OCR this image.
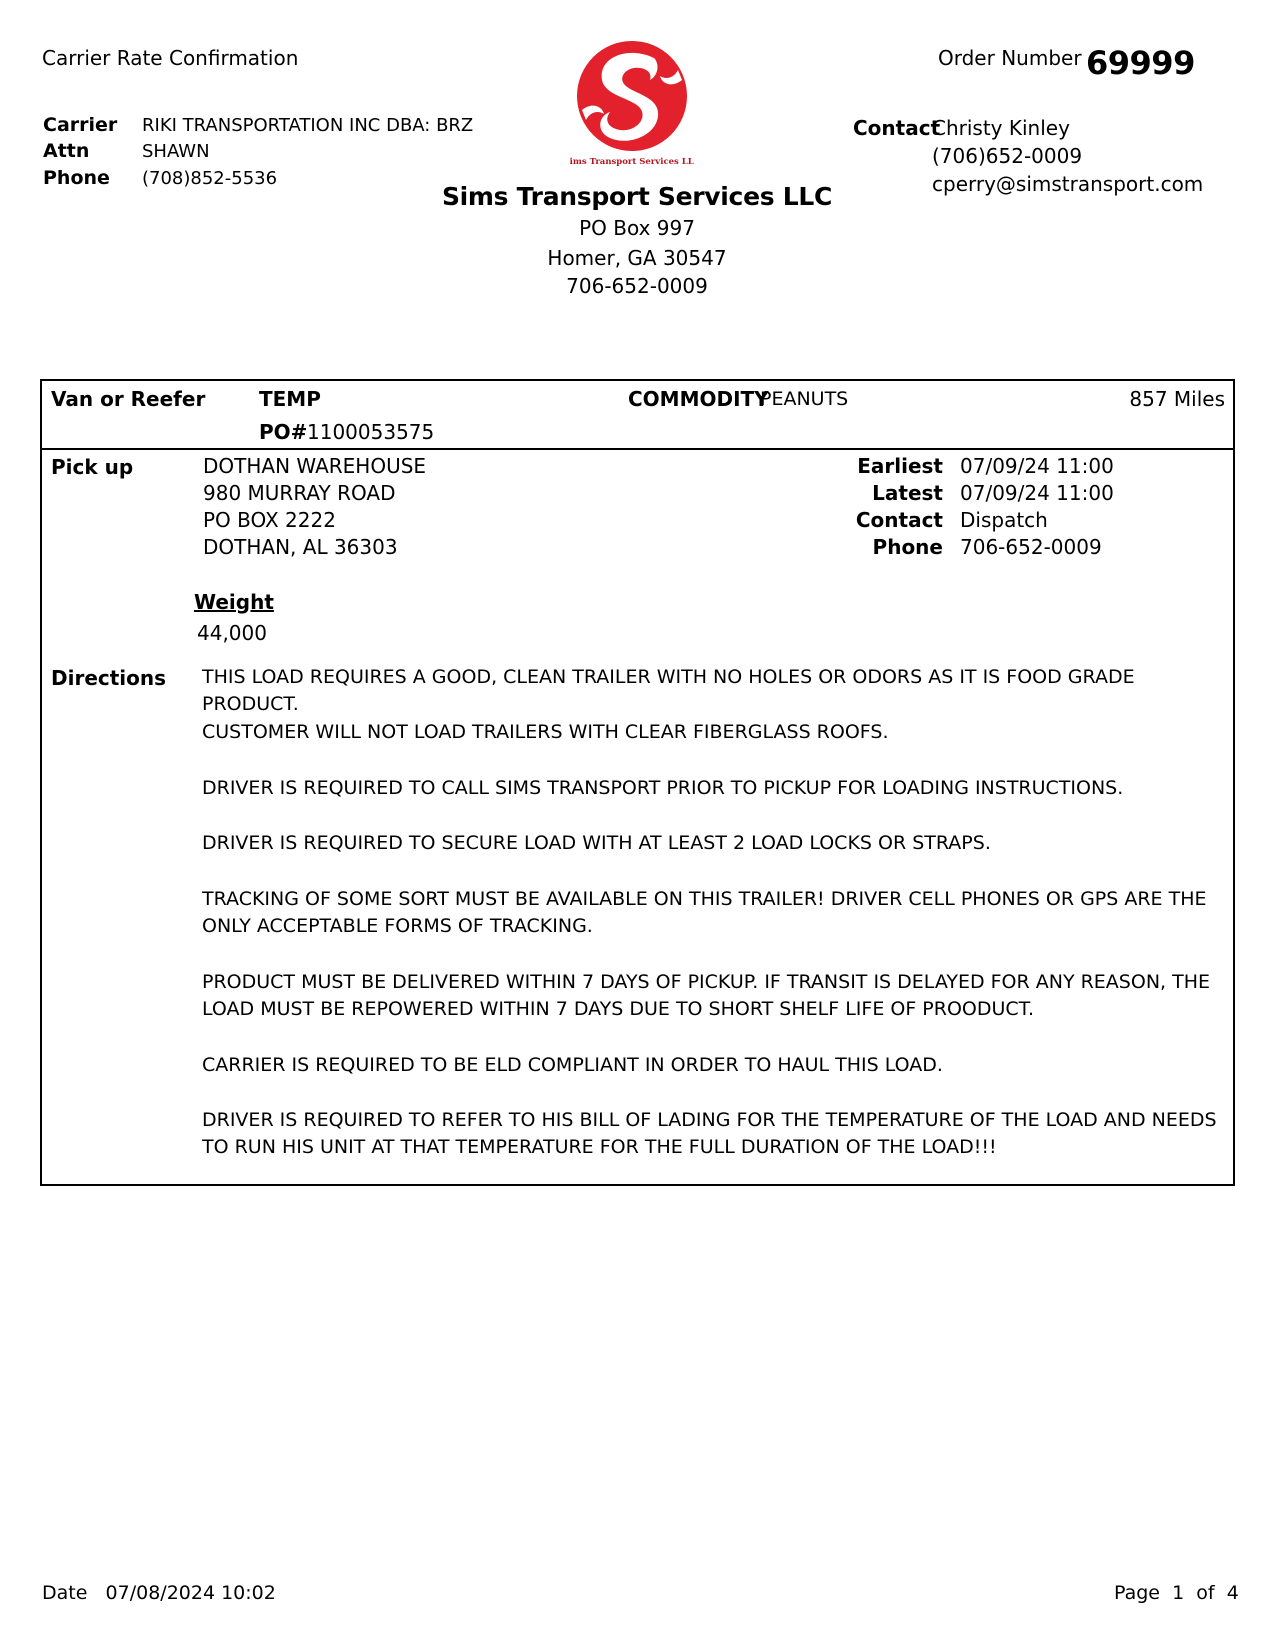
Carrier Rate Confirmation	Order Number 69999
Carrier RIKI TRANSPORTATION INC DBA: BRZ
Attn	SHAWN
Phone (708)852-5536
Sims Transport Services LLC
Sims Transport Services LLC
PO Box 997
Homer, GA 30547
706-652-0009
Contact
Christy Kinley
(706)652-0009
cperry@simstransport.com
Van or Reefer	TEMP	COMMODITY
PEANUTS	857 Miles
PO# 1100053575
Pick up	DOTHAN WAREHOUSE
980 MURRAY ROAD
PO BOX 2222
DOTHAN, AL 36303
Earliest 07/09/24 11:00
Latest 07/09/24 11:00
Contact Dispatch
Phone 706-652-0009
Weight
44,000
Directions THIS LOAD REQUIRES A GOOD, CLEAN TRAILER WITH NO HOLES OR ODORS AS IT IS FOOD GRADE PRODUCT.
CUSTOMER WILL NOT LOAD TRAILERS WITH CLEAR FIBERGLASS ROOFS.
DRIVER IS REQUIRED TO CALL SIMS TRANSPORT PRIOR TO PICKUP FOR LOADING INSTRUCTIONS.
DRIVER IS REQUIRED TO SECURE LOAD WITH AT LEAST 2 LOAD LOCKS OR STRAPS.
TRACKING OF SOME SORT MUST BE AVAILABLE ON THIS TRAILER! DRIVER CELL PHONES OR GPS ARE THE ONLY ACCEPTABLE FORMS OF TRACKING.
PRODUCT MUST BE DELIVERED WITHIN 7 DAYS OF PICKUP. IF TRANSIT IS DELAYED FOR ANY REASON, THE LOAD MUST BE REPOWERED WITHIN 7 DAYS DUE TO SHORT SHELF LIFE OF PROODUCT.
CARRIER IS REQUIRED TO BE ELD COMPLIANT IN ORDER TO HAUL THIS LOAD.
DRIVER IS REQUIRED TO REFER TO HIS BILL OF LADING FOR THE TEMPERATURE OF THE LOAD AND NEEDS TO RUN HIS UNIT AT THAT TEMPERATURE FOR THE FULL DURATION OF THE LOAD!!!
Date 07/08/2024 10:02	Page 1 of 4
